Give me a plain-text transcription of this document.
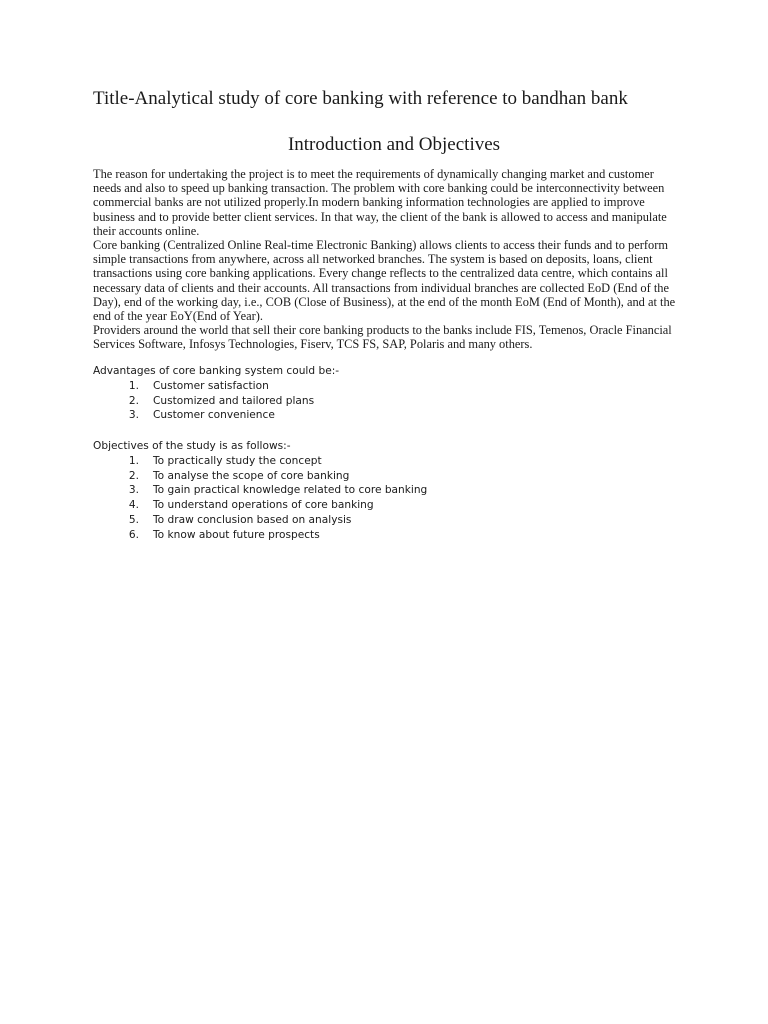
Title-Analytical study of core banking with reference to bandhan bank
Introduction and Objectives

The reason for undertaking the project is to meet the requirements of dynamically changing market and customer needs and also to speed up banking transaction. The problem with core banking could be interconnectivity between commercial banks are not utilized properly.In modern banking information technologies are applied to improve business and to provide better client services. In that way, the client of the bank is allowed to access and manipulate their accounts online.

Core banking (Centralized Online Real-time Electronic Banking) allows clients to access their funds and to perform simple transactions from anywhere, across all networked branches. The system is based on deposits, loans, client transactions using core banking applications. Every change reflects to the centralized data centre, which contains all necessary data of clients and their accounts. All transactions from individual branches are collected EoD (End of the Day), end of the working day, i.e., COB (Close of Business), at the end of the month EoM (End of Month), and at the end of the year EoY(End of Year).

Providers around the world that sell their core banking products to the banks include FIS, Temenos, Oracle Financial Services Software, Infosys Technologies, Fiserv, TCS FS, SAP, Polaris and many others.

Advantages of core banking system could be:-

1. Customer satisfaction
2. Customized and tailored plans
3. Customer convenience

Objectives of the study is as follows:-

1. To practically study the concept
2. To analyse the scope of core banking
3. To gain practical knowledge related to core banking
4. To understand operations of core banking
5. To draw conclusion based on analysis
6. To know about future prospects
